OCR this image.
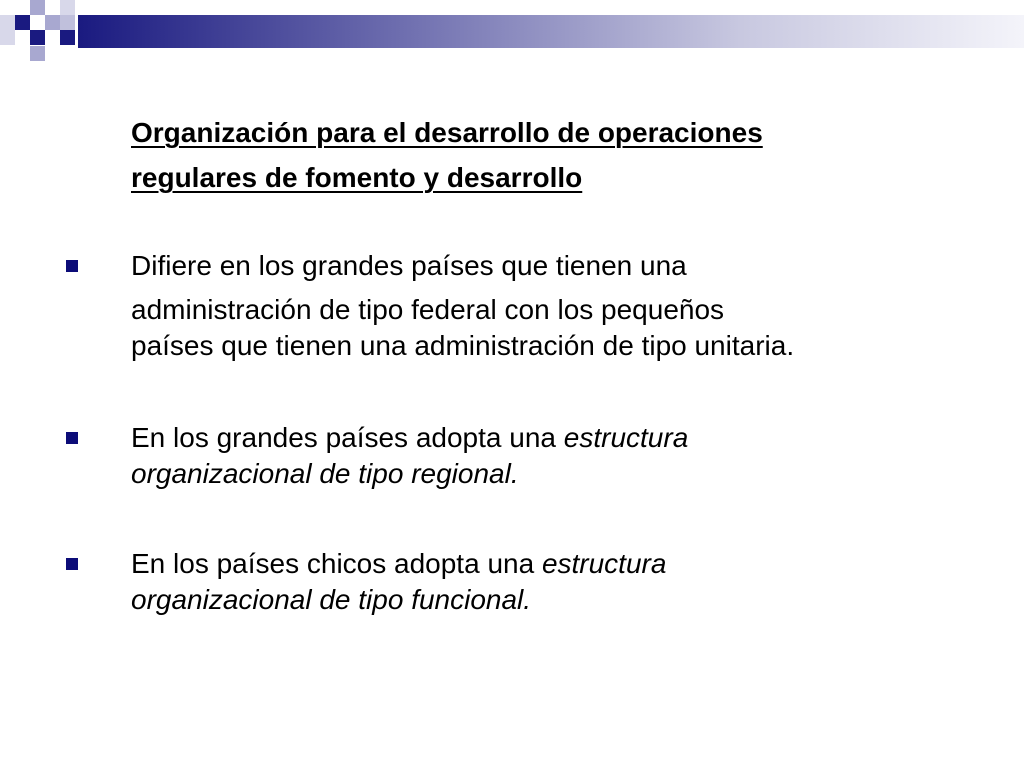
Organización para el desarrollo de operaciones
regulares de fomento y desarrollo
Difiere en los grandes países que tienen una
administración de tipo federal con los pequeños
países que tienen una administración de tipo unitaria.
En los grandes países adopta una estructura
organizacional de tipo regional.
En los países chicos adopta una estructura
organizacional de tipo funcional.
